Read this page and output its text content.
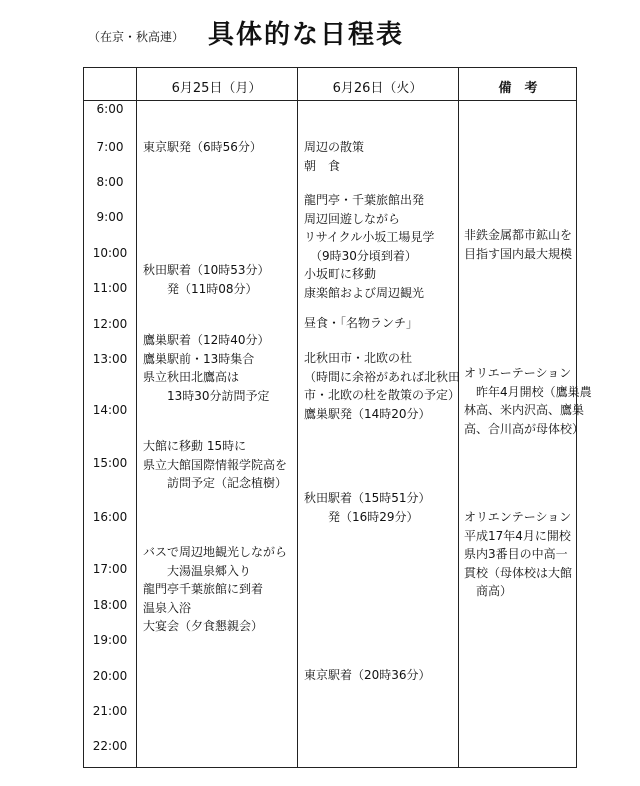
（在京・秋高連） 具体的な日程表
6月25日（月）	6月26日（火）	備　考
6:00
7:00
8:00
9:00
10:00
11:00
12:00
13:00
14:00
15:00
16:00
17:00
18:00
19:00
20:00
21:00
22:00
東京駅発（6時56分）
秋田駅着（10時53分）
　　発（11時08分）
鷹巣駅着（12時40分）
鷹巣駅前・13時集合
県立秋田北鷹高は
　　13時30分訪問予定
大館に移動 15時に
県立大館国際情報学院高を
　　訪問予定（記念植樹）
バスで周辺地観光しながら
　　大湯温泉郷入り
龍門亭千葉旅館に到着
温泉入浴
大宴会（夕食懇親会）
周辺の散策
朝　食
龍門亭・千葉旅館出発
周辺回遊しながら
リサイクル小坂工場見学
　（9時30分頃到着）
小坂町に移動
康楽館および周辺観光
昼食・「名物ランチ」
北秋田市・北欧の杜
（時間に余裕があれば北秋田
市・北欧の杜を散策の予定）
鷹巣駅発（14時20分）
秋田駅着（15時51分）
　　発（16時29分）
東京駅着（20時36分）
非鉄金属都市鉱山を
目指す国内最大規模
オリエーテーション
　昨年4月開校（鷹巣農
林高、米内沢高、鷹巣
高、合川高が母体校）
オリエンテーション
平成17年4月に開校
県内3番目の中高一
貫校（母体校は大館
　商高）
